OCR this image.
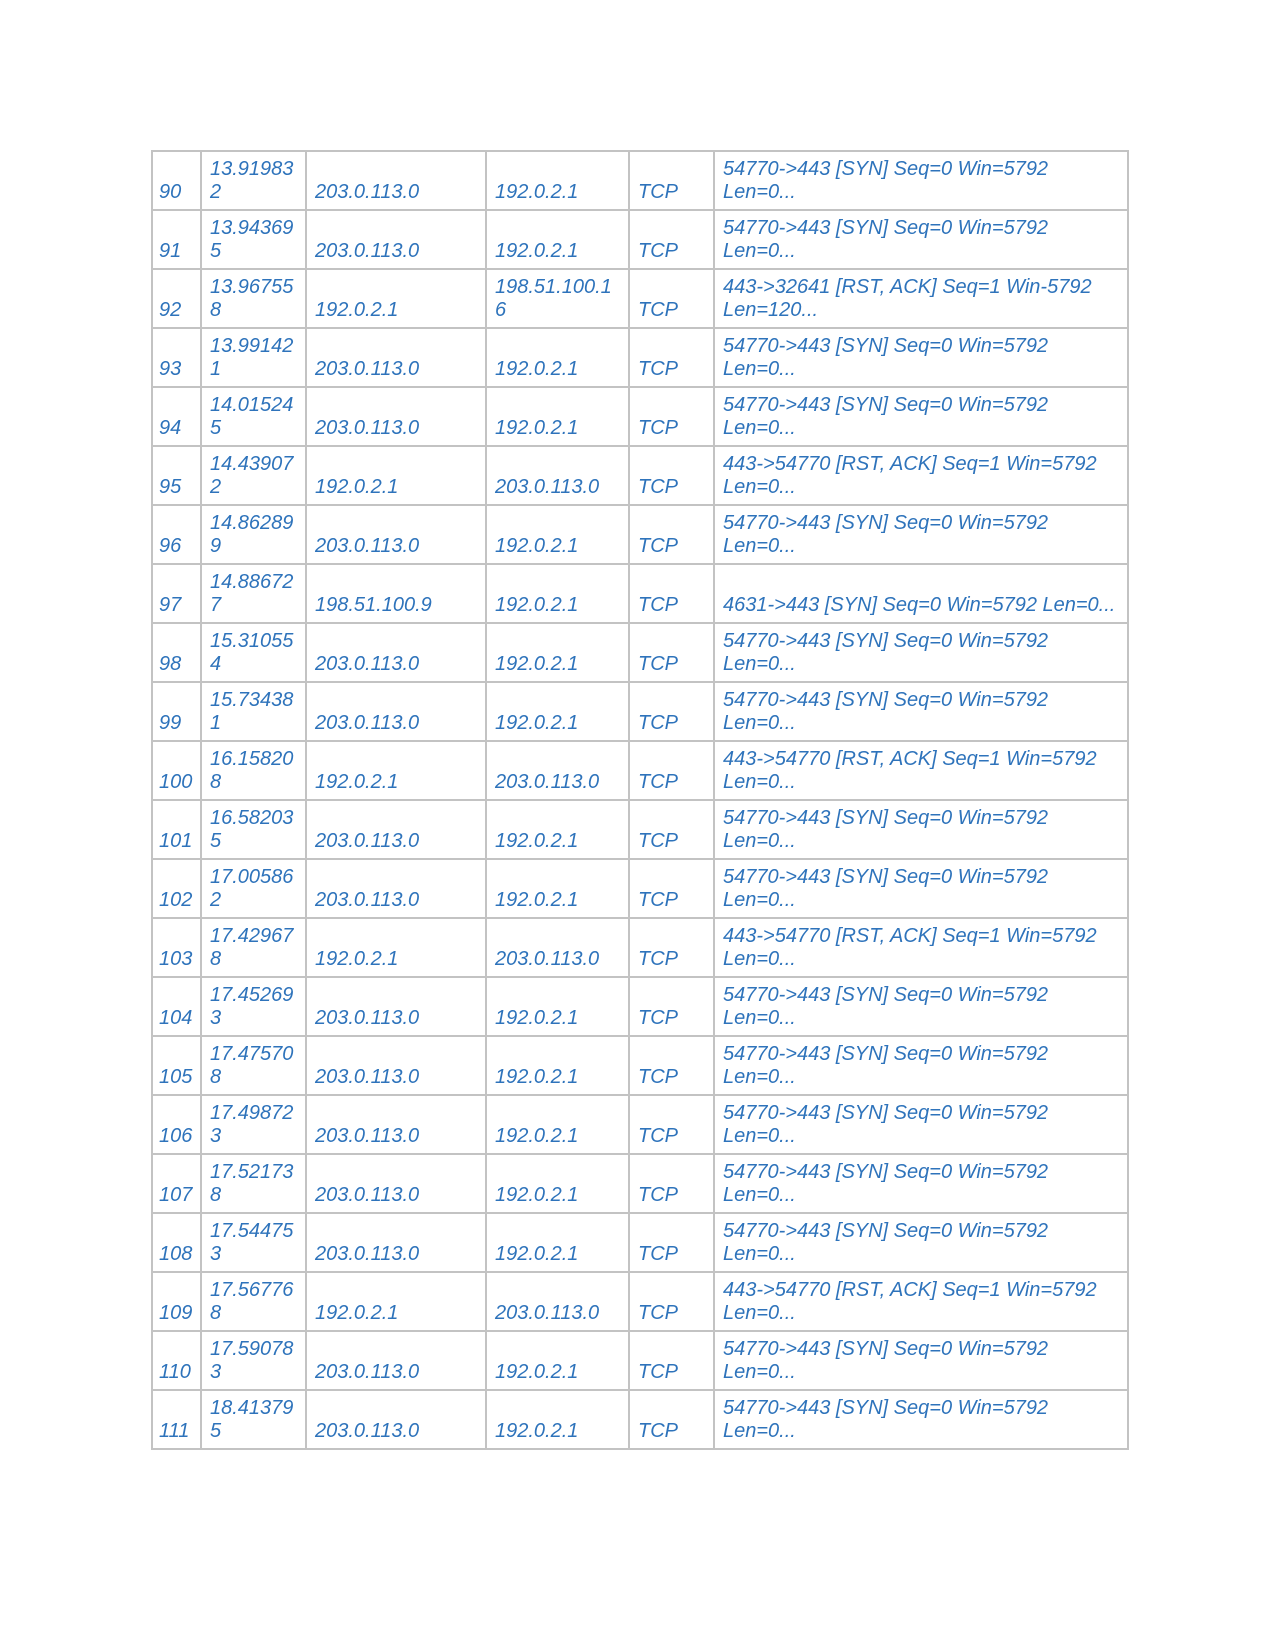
90	13.919832	203.0.113.0	192.0.2.1	TCP	54770->443 [SYN] Seq=0 Win=5792 Len=0...
91	13.943695	203.0.113.0	192.0.2.1	TCP	54770->443 [SYN] Seq=0 Win=5792 Len=0...
92	13.967558	192.0.2.1	198.51.100.16	TCP	443->32641 [RST, ACK] Seq=1 Win-5792 Len=120...
93	13.991421	203.0.113.0	192.0.2.1	TCP	54770->443 [SYN] Seq=0 Win=5792 Len=0...
94	14.015245	203.0.113.0	192.0.2.1	TCP	54770->443 [SYN] Seq=0 Win=5792 Len=0...
95	14.439072	192.0.2.1	203.0.113.0	TCP	443->54770 [RST, ACK] Seq=1 Win=5792 Len=0...
96	14.862899	203.0.113.0	192.0.2.1	TCP	54770->443 [SYN] Seq=0 Win=5792 Len=0...
97	14.886727	198.51.100.9	192.0.2.1	TCP	4631->443 [SYN] Seq=0 Win=5792 Len=0...
98	15.310554	203.0.113.0	192.0.2.1	TCP	54770->443 [SYN] Seq=0 Win=5792 Len=0...
99	15.734381	203.0.113.0	192.0.2.1	TCP	54770->443 [SYN] Seq=0 Win=5792 Len=0...
100	16.158208	192.0.2.1	203.0.113.0	TCP	443->54770 [RST, ACK] Seq=1 Win=5792 Len=0...
101	16.582035	203.0.113.0	192.0.2.1	TCP	54770->443 [SYN] Seq=0 Win=5792 Len=0...
102	17.005862	203.0.113.0	192.0.2.1	TCP	54770->443 [SYN] Seq=0 Win=5792 Len=0...
103	17.429678	192.0.2.1	203.0.113.0	TCP	443->54770 [RST, ACK] Seq=1 Win=5792 Len=0...
104	17.452693	203.0.113.0	192.0.2.1	TCP	54770->443 [SYN] Seq=0 Win=5792 Len=0...
105	17.475708	203.0.113.0	192.0.2.1	TCP	54770->443 [SYN] Seq=0 Win=5792 Len=0...
106	17.498723	203.0.113.0	192.0.2.1	TCP	54770->443 [SYN] Seq=0 Win=5792 Len=0...
107	17.521738	203.0.113.0	192.0.2.1	TCP	54770->443 [SYN] Seq=0 Win=5792 Len=0...
108	17.544753	203.0.113.0	192.0.2.1	TCP	54770->443 [SYN] Seq=0 Win=5792 Len=0...
109	17.567768	192.0.2.1	203.0.113.0	TCP	443->54770 [RST, ACK] Seq=1 Win=5792 Len=0...
110	17.590783	203.0.113.0	192.0.2.1	TCP	54770->443 [SYN] Seq=0 Win=5792 Len=0...
111	18.413795	203.0.113.0	192.0.2.1	TCP	54770->443 [SYN] Seq=0 Win=5792 Len=0...
